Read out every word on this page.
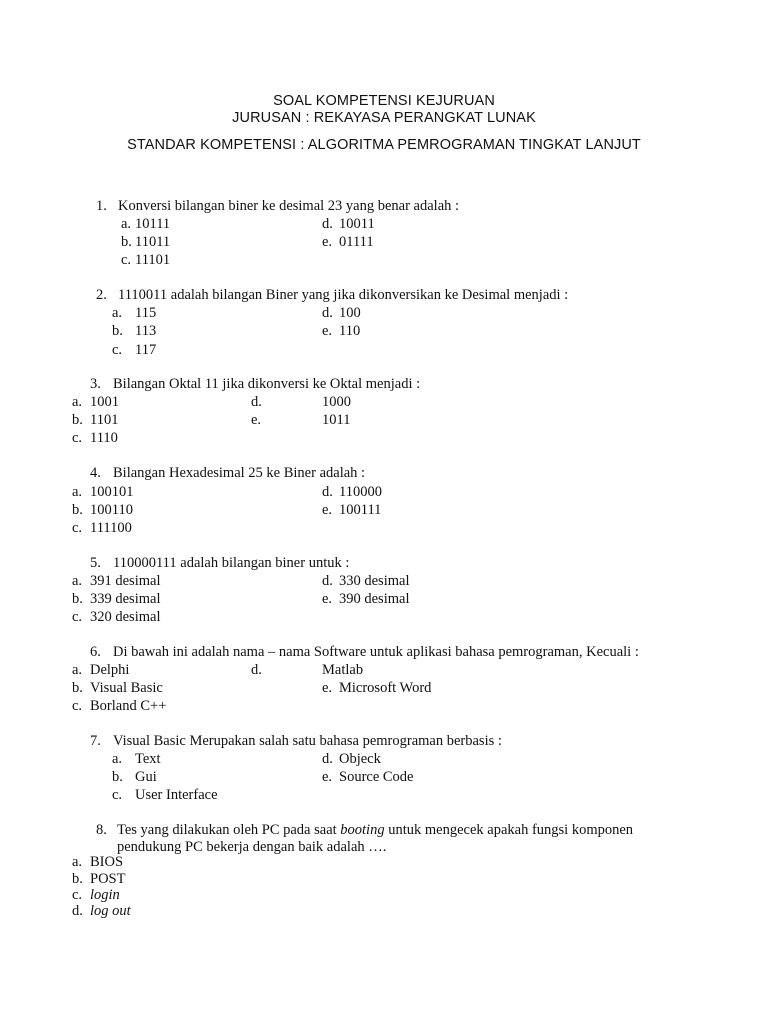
SOAL KOMPETENSI KEJURUAN
JURUSAN : REKAYASA PERANGKAT LUNAK
STANDAR KOMPETENSI : ALGORITMA PEMROGRAMAN TINGKAT LANJUT
1. Konversi bilangan biner ke desimal 23 yang benar adalah :
a. 10111
b. 11011
c. 11101
d. 10011
e. 01111
2. 1110011 adalah bilangan Biner yang jika dikonversikan ke Desimal menjadi :
a. 115
b. 113
c. 117
d. 100
e. 110
3. Bilangan Oktal 11 jika dikonversi ke Oktal menjadi :
a. 1001
b. 1101
c. 1110
d.	1000
e.	1011
4. Bilangan Hexadesimal 25 ke Biner adalah :
a. 100101
b. 100110
c. 111100
d. 110000
e. 100111
5. 110000111 adalah bilangan biner untuk :
a. 391 desimal
b. 339 desimal
c. 320 desimal
d. 330 desimal
e. 390 desimal
6. Di bawah ini adalah nama – nama Software untuk aplikasi bahasa pemrograman, Kecuali :
a. Delphi
b. Visual Basic
c. Borland C++
d.	Matlab
e. Microsoft Word
7. Visual Basic Merupakan salah satu bahasa pemrograman berbasis :
a. Text
b. Gui
c. User Interface
d. Objeck
e. Source Code
8. Tes yang dilakukan oleh PC pada saat booting untuk mengecek apakah fungsi komponen
pendukung PC bekerja dengan baik adalah ….
a. BIOS
b. POST
c. login
d. log out
